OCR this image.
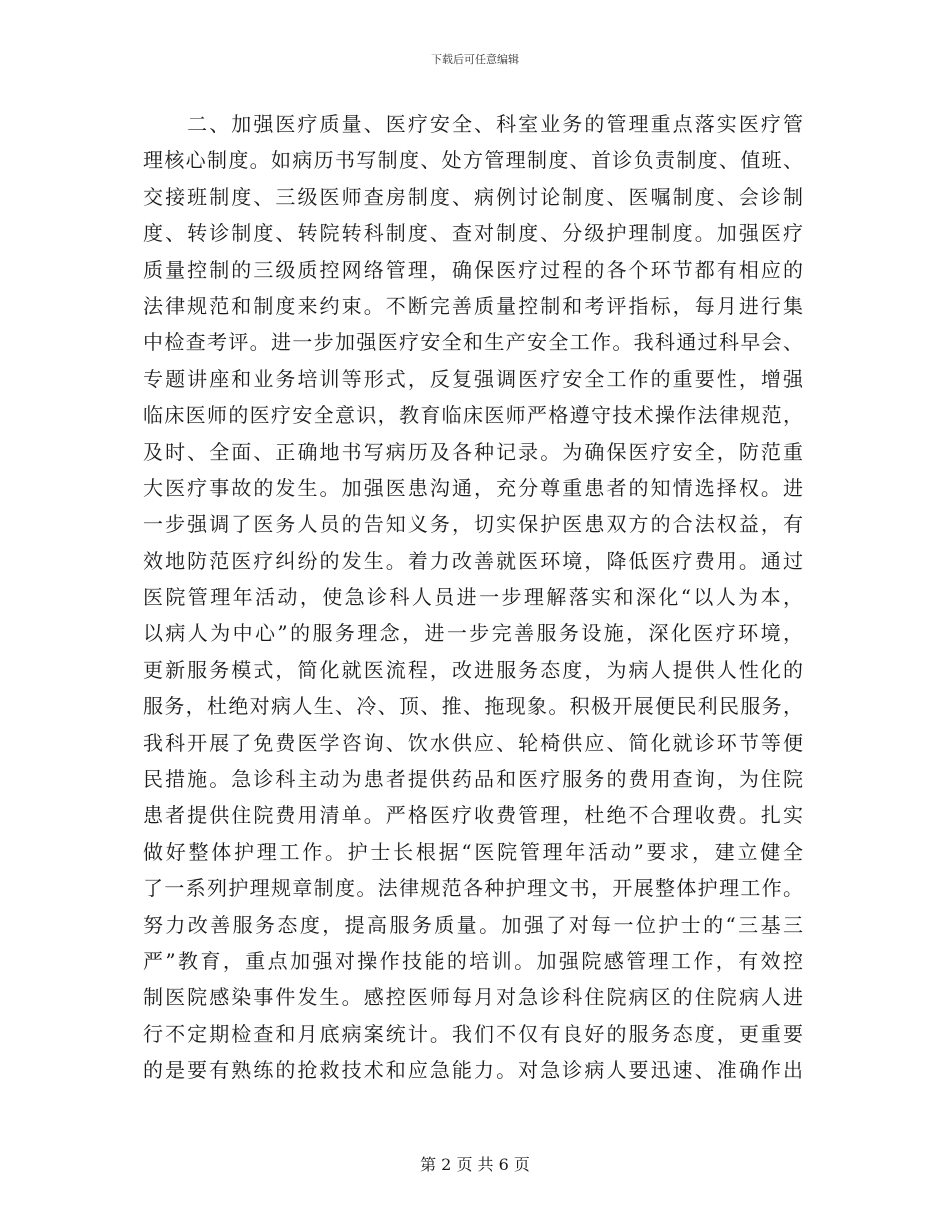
下载后可任意编辑
　　二、加强医疗质量、医疗安全、科室业务的管理重点落实医疗管
理核心制度。如病历书写制度、处方管理制度、首诊负责制度、值班、
交接班制度、三级医师查房制度、病例讨论制度、医嘱制度、会诊制
度、转诊制度、转院转科制度、查对制度、分级护理制度。加强医疗
质量控制的三级质控网络管理，确保医疗过程的各个环节都有相应的
法律规范和制度来约束。不断完善质量控制和考评指标，每月进行集
中检查考评。进一步加强医疗安全和生产安全工作。我科通过科早会、
专题讲座和业务培训等形式，反复强调医疗安全工作的重要性，增强
临床医师的医疗安全意识，教育临床医师严格遵守技术操作法律规范，
及时、全面、正确地书写病历及各种记录。为确保医疗安全，防范重
大医疗事故的发生。加强医患沟通，充分尊重患者的知情选择权。进
一步强调了医务人员的告知义务，切实保护医患双方的合法权益，有
效地防范医疗纠纷的发生。着力改善就医环境，降低医疗费用。通过
医院管理年活动，使急诊科人员进一步理解落实和深化“以人为本，
以病人为中心”的服务理念，进一步完善服务设施，深化医疗环境，
更新服务模式，简化就医流程，改进服务态度，为病人提供人性化的
服务，杜绝对病人生、冷、顶、推、拖现象。积极开展便民利民服务，
我科开展了免费医学咨询、饮水供应、轮椅供应、简化就诊环节等便
民措施。急诊科主动为患者提供药品和医疗服务的费用查询，为住院
患者提供住院费用清单。严格医疗收费管理，杜绝不合理收费。扎实
做好整体护理工作。护士长根据“医院管理年活动”要求，建立健全
了一系列护理规章制度。法律规范各种护理文书，开展整体护理工作。
努力改善服务态度，提高服务质量。加强了对每一位护士的“三基三
严”教育，重点加强对操作技能的培训。加强院感管理工作，有效控
制医院感染事件发生。感控医师每月对急诊科住院病区的住院病人进
行不定期检查和月底病案统计。我们不仅有良好的服务态度，更重要
的是要有熟练的抢救技术和应急能力。对急诊病人要迅速、准确作出
第 2 页 共 6 页
